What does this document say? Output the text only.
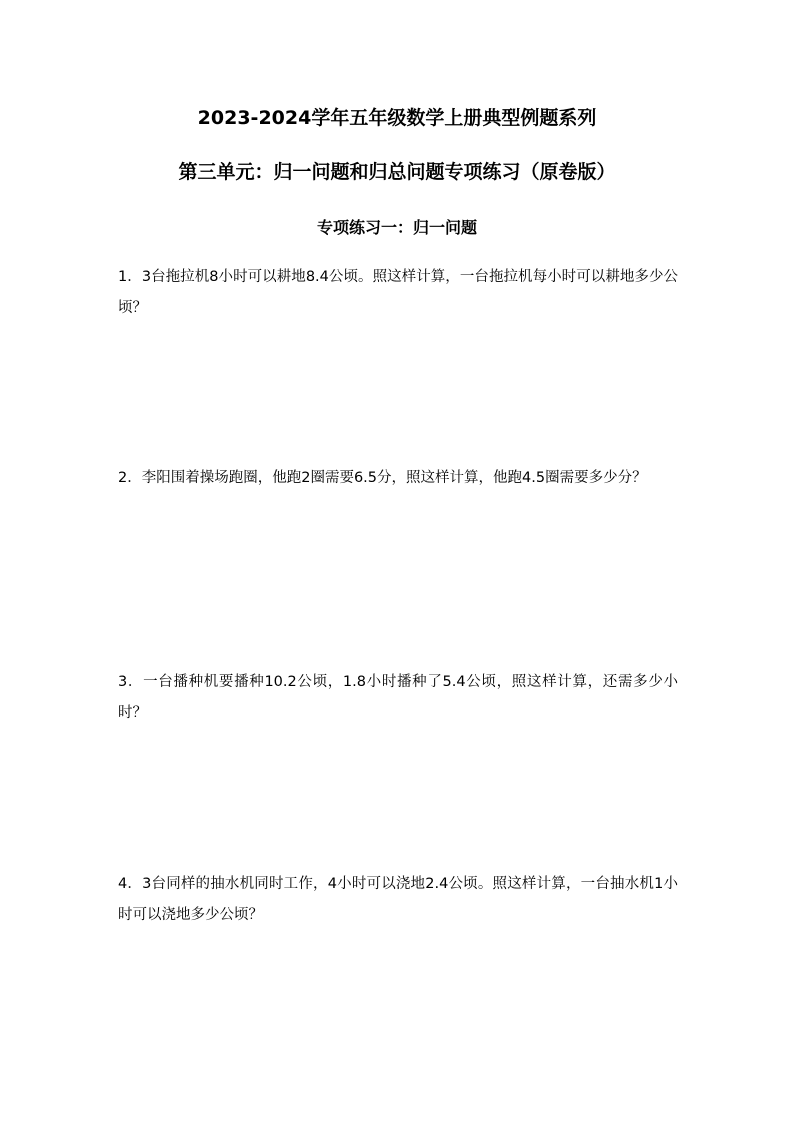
2023-2024学年五年级数学上册典型例题系列
第三单元：归一问题和归总问题专项练习（原卷版）
专项练习一：归一问题
1．3台拖拉机8小时可以耕地8.4公顷。照这样计算，一台拖拉机每小时可以耕地多少公顷？
2．李阳围着操场跑圈，他跑2圈需要6.5分，照这样计算，他跑4.5圈需要多少分？
3．一台播种机要播种10.2公顷，1.8小时播种了5.4公顷，照这样计算，还需多少小时？
4．3台同样的抽水机同时工作，4小时可以浇地2.4公顷。照这样计算，一台抽水机1小时可以浇地多少公顷？
